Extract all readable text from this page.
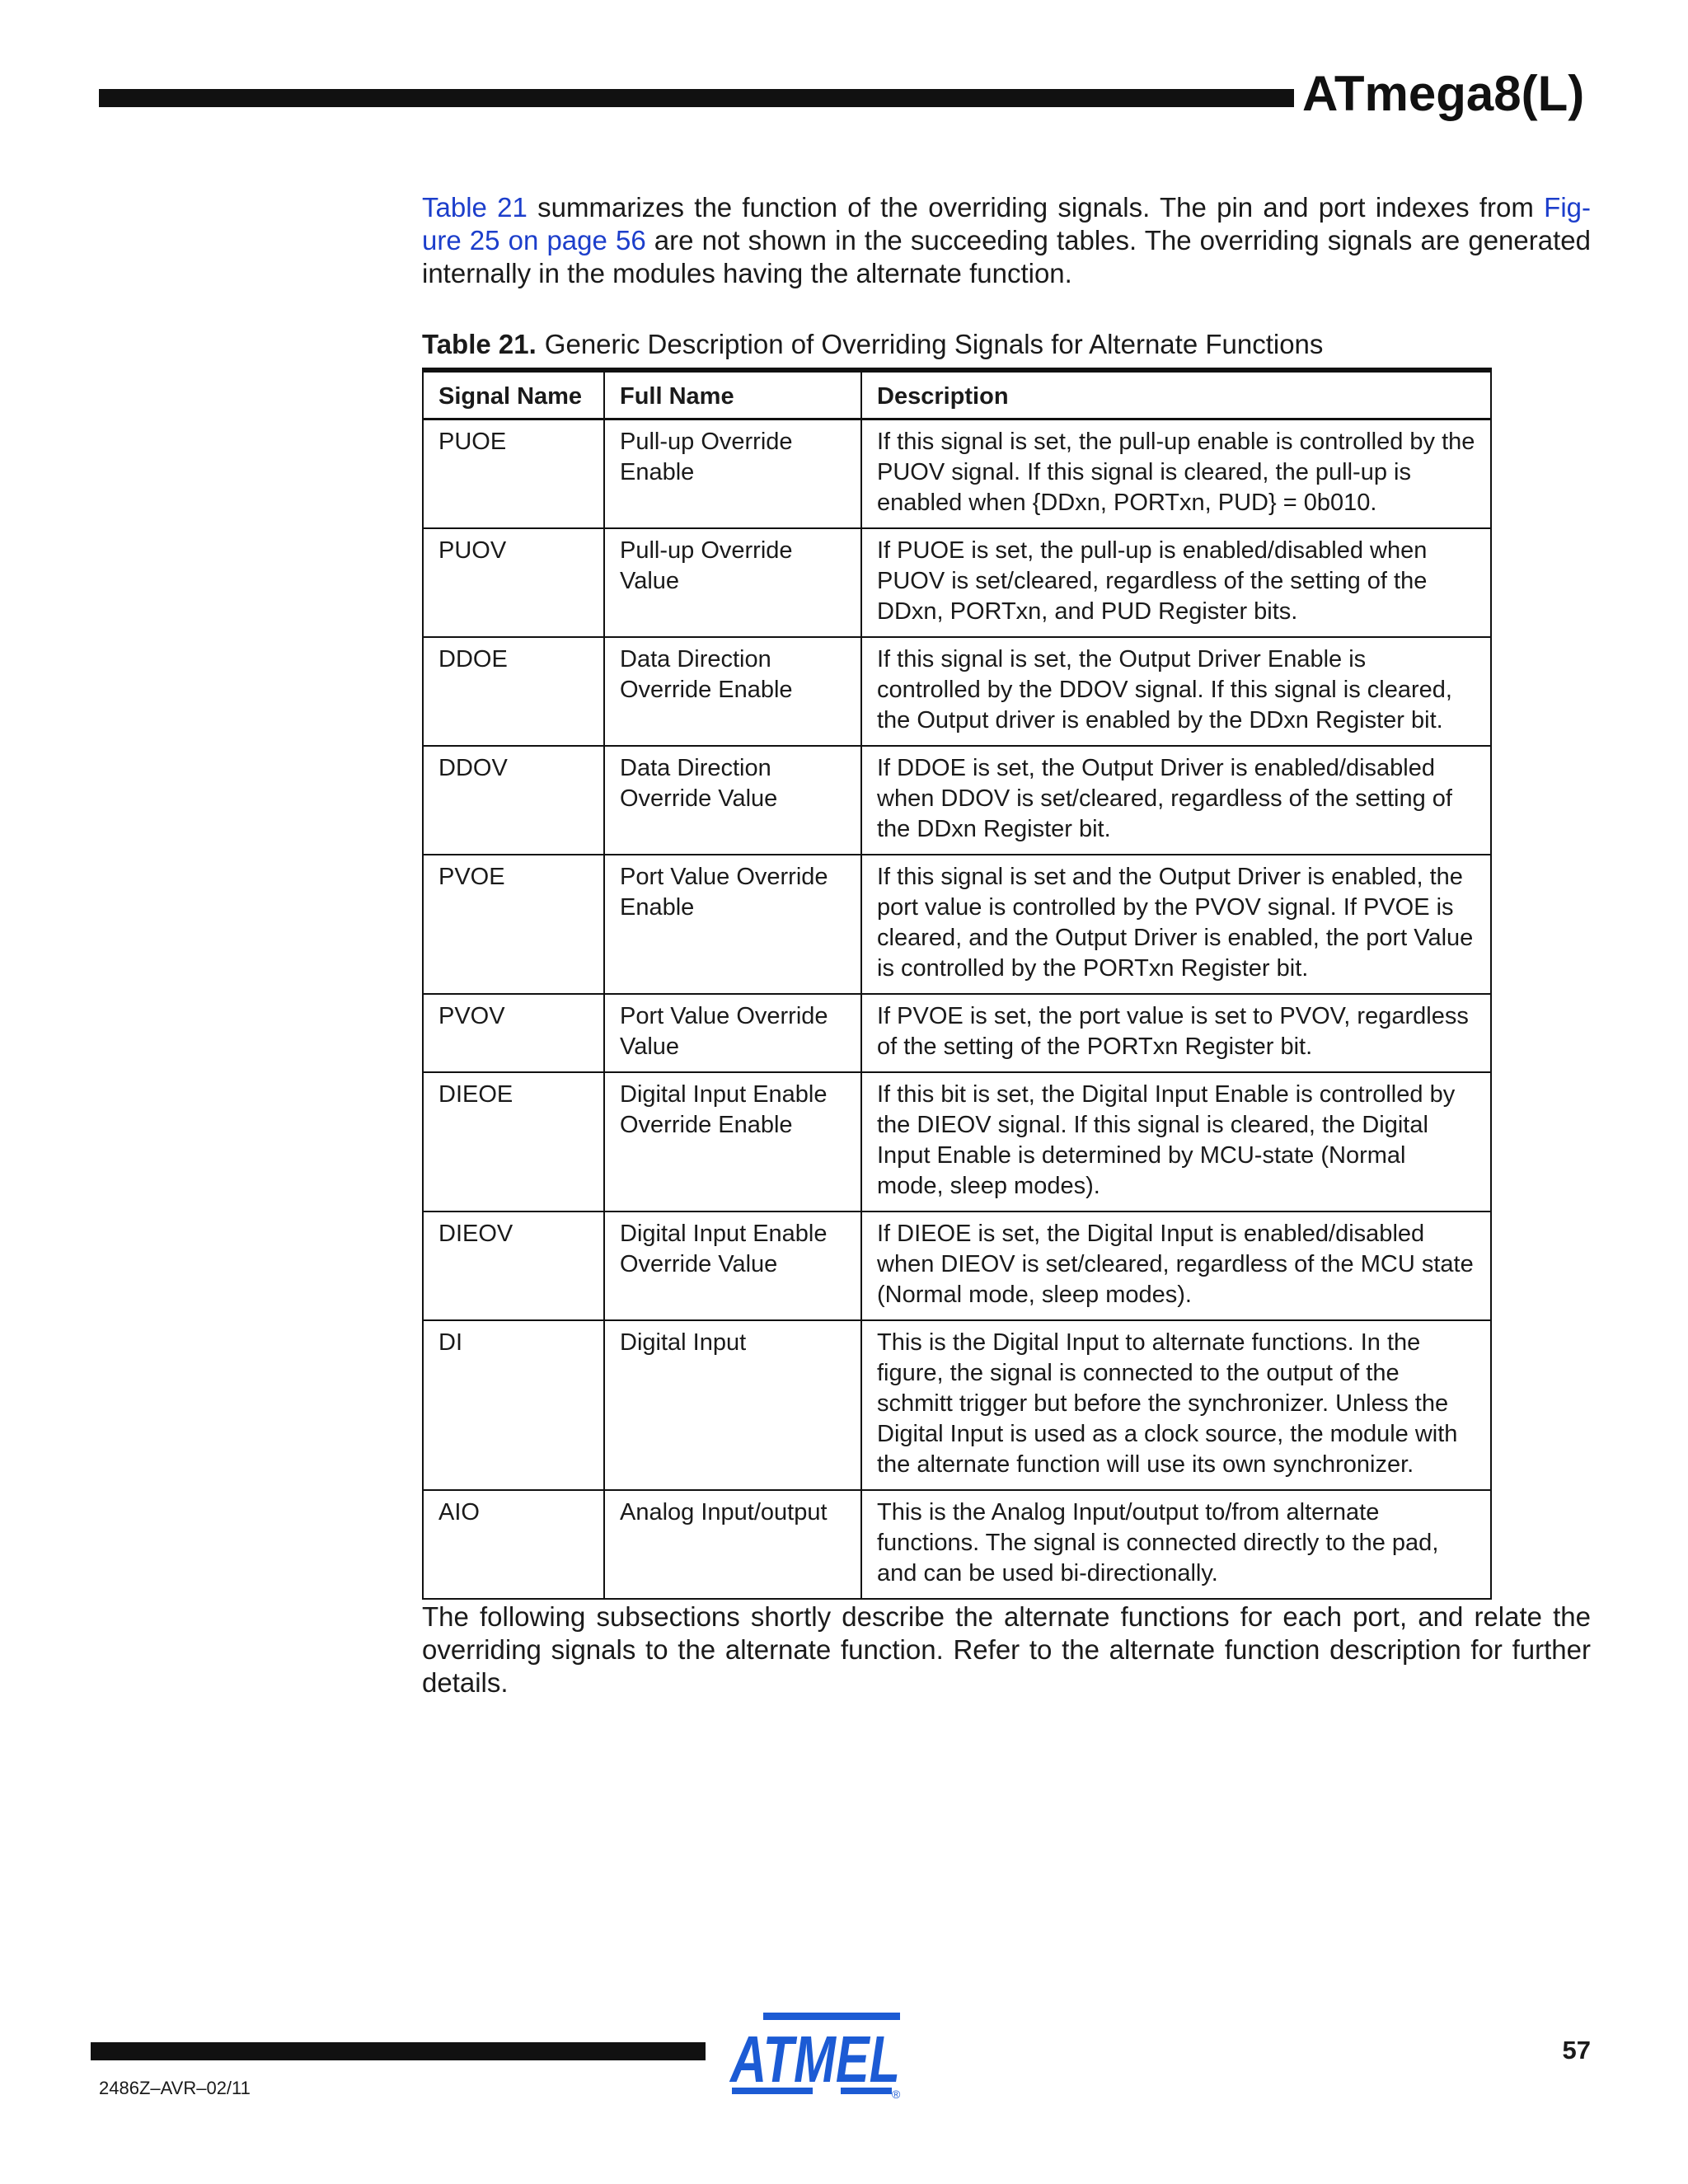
ATmega8(L)

Table 21 summarizes the function of the overriding signals. The pin and port indexes from Fig-ure 25 on page 56 are not shown in the succeeding tables. The overriding signals are generated internally in the modules having the alternate function.

Table 21. Generic Description of Overriding Signals for Alternate Functions

Signal Name	Full Name	Description
PUOE	Pull-up Override Enable	If this signal is set, the pull-up enable is controlled by the PUOV signal. If this signal is cleared, the pull-up is enabled when {DDxn, PORTxn, PUD} = 0b010.
PUOV	Pull-up Override Value	If PUOE is set, the pull-up is enabled/disabled when PUOV is set/cleared, regardless of the setting of the DDxn, PORTxn, and PUD Register bits.
DDOE	Data Direction Override Enable	If this signal is set, the Output Driver Enable is controlled by the DDOV signal. If this signal is cleared, the Output driver is enabled by the DDxn Register bit.
DDOV	Data Direction Override Value	If DDOE is set, the Output Driver is enabled/disabled when DDOV is set/cleared, regardless of the setting of the DDxn Register bit.
PVOE	Port Value Override Enable	If this signal is set and the Output Driver is enabled, the port value is controlled by the PVOV signal. If PVOE is cleared, and the Output Driver is enabled, the port Value is controlled by the PORTxn Register bit.
PVOV	Port Value Override Value	If PVOE is set, the port value is set to PVOV, regardless of the setting of the PORTxn Register bit.
DIEOE	Digital Input Enable Override Enable	If this bit is set, the Digital Input Enable is controlled by the DIEOV signal. If this signal is cleared, the Digital Input Enable is determined by MCU-state (Normal mode, sleep modes).
DIEOV	Digital Input Enable Override Value	If DIEOE is set, the Digital Input is enabled/disabled when DIEOV is set/cleared, regardless of the MCU state (Normal mode, sleep modes).
DI	Digital Input	This is the Digital Input to alternate functions. In the figure, the signal is connected to the output of the schmitt trigger but before the synchronizer. Unless the Digital Input is used as a clock source, the module with the alternate function will use its own synchronizer.
AIO	Analog Input/output	This is the Analog Input/output to/from alternate functions. The signal is connected directly to the pad, and can be used bi-directionally.

The following subsections shortly describe the alternate functions for each port, and relate the overriding signals to the alternate function. Refer to the alternate function description for further details.

ATMEL
®
57
2486Z–AVR–02/11
